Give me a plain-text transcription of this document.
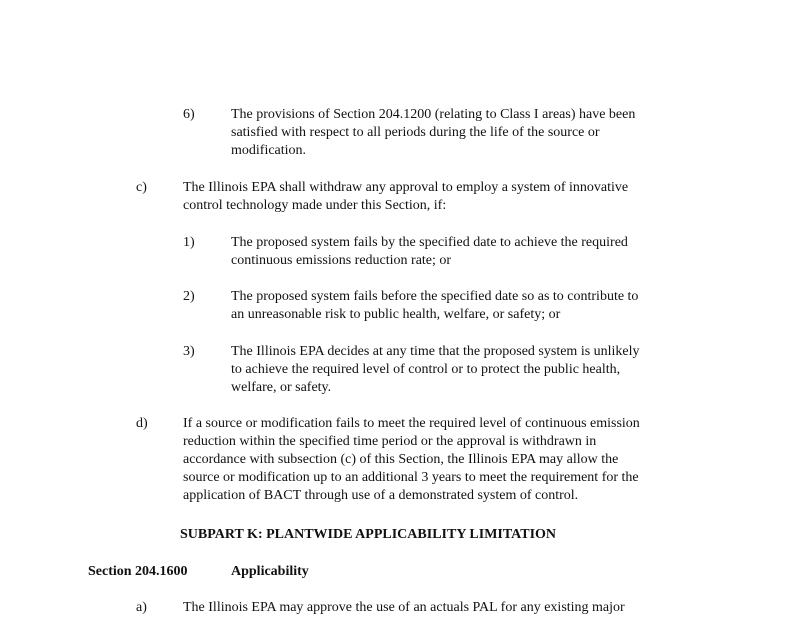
6)	The provisions of Section 204.1200 (relating to Class I areas) have been

satisfied with respect to all periods during the life of the source or

modification.

c)	The Illinois EPA shall withdraw any approval to employ a system of innovative

control technology made under this Section, if:

1)	The proposed system fails by the specified date to achieve the required

continuous emissions reduction rate; or

2)	The proposed system fails before the specified date so as to contribute to

an unreasonable risk to public health, welfare, or safety; or

3)	The Illinois EPA decides at any time that the proposed system is unlikely

to achieve the required level of control or to protect the public health,

welfare, or safety.

d)	If a source or modification fails to meet the required level of continuous emission

reduction within the specified time period or the approval is withdrawn in

accordance with subsection (c) of this Section, the Illinois EPA may allow the

source or modification up to an additional 3 years to meet the requirement for the

application of BACT through use of a demonstrated system of control.

SUBPART K: PLANTWIDE APPLICABILITY LIMITATION
Section 204.1600	Applicability
a)	The Illinois EPA may approve the use of an actuals PAL for any existing major
